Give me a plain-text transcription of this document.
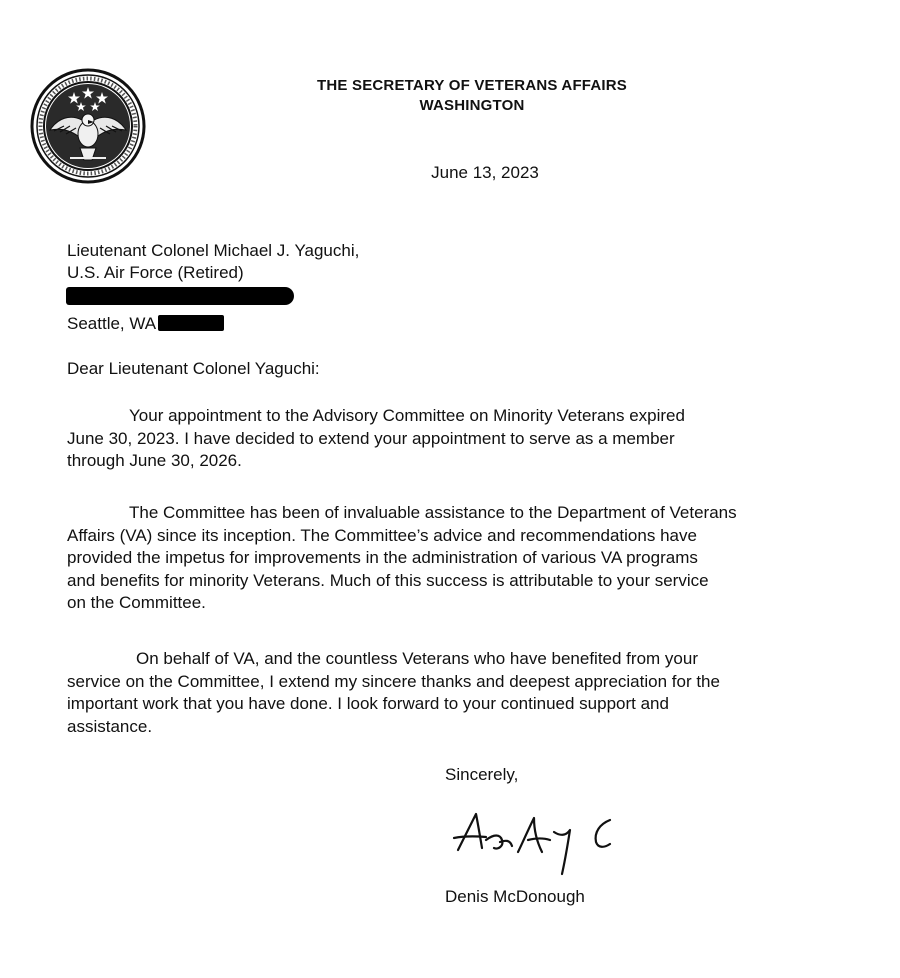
THE SECRETARY OF VETERANS AFFAIRS
WASHINGTON
June 13, 2023
Lieutenant Colonel Michael J. Yaguchi,
U.S. Air Force (Retired)
Seattle, WA
Dear Lieutenant Colonel Yaguchi:

Your appointment to the Advisory Committee on Minority Veterans expired
June 30, 2023. I have decided to extend your appointment to serve as a member
through June 30, 2026.

The Committee has been of invaluable assistance to the Department of Veterans
Affairs (VA) since its inception. The Committee’s advice and recommendations have
provided the impetus for improvements in the administration of various VA programs
and benefits for minority Veterans. Much of this success is attributable to your service
on the Committee.

On behalf of VA, and the countless Veterans who have benefited from your
service on the Committee, I extend my sincere thanks and deepest appreciation for the
important work that you have done. I look forward to your continued support and
assistance.

Sincerely,
Denis McDonough
